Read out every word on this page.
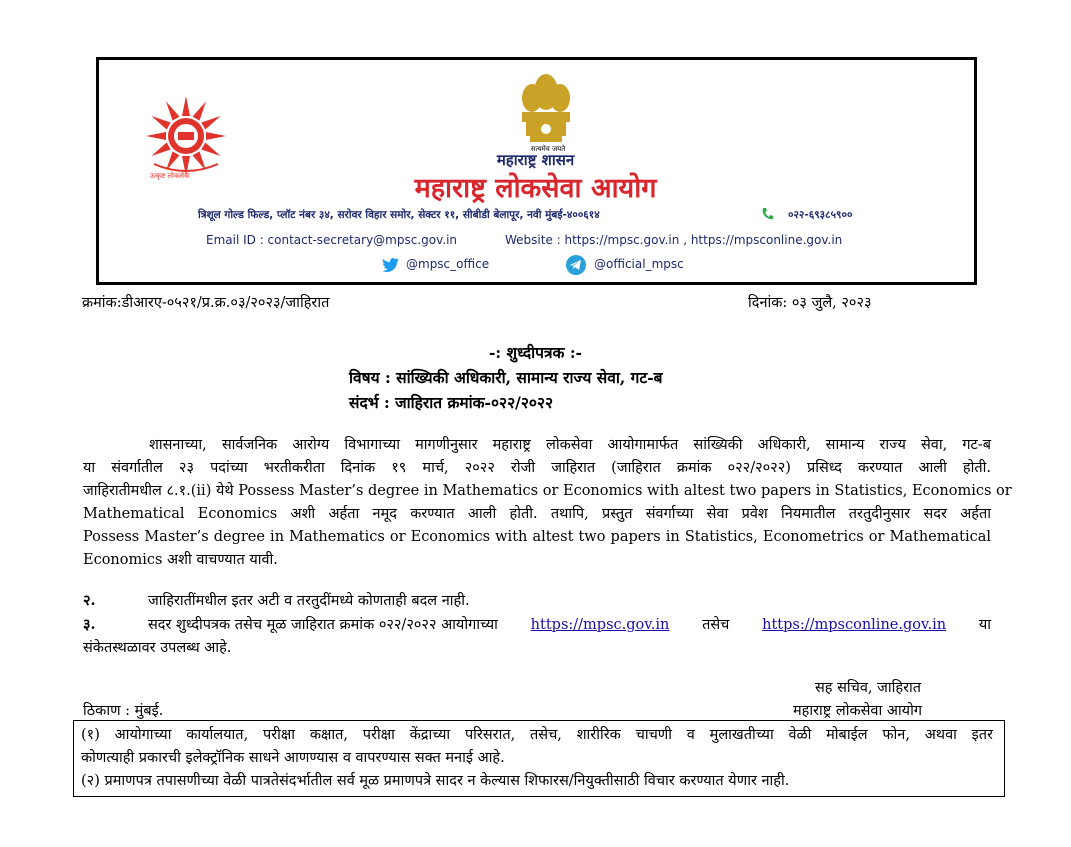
उत्कृष्ट लोकसेवा
सत्यमेव जयते
महाराष्ट्र शासन
महाराष्ट्र लोकसेवा आयोग
त्रिशूल गोल्ड फिल्ड, प्लॉट नंबर ३४, सरोवर विहार समोर, सेक्टर ११, सीबीडी बेलापूर, नवी मुंबई-४००६१४	०२२-६९३८५९००
Email ID : contact-secretary@mpsc.gov.in	Website : https://mpsc.gov.in , https://mpsconline.gov.in
@mpsc_office	@official_mpsc
क्रमांक:डीआरए-०५२१/प्र.क्र.०३/२०२३/जाहिरात	दिनांक: ०३ जुलै, २०२३
-: शुध्दीपत्रक :-
विषय : सांख्यिकी अधिकारी, सामान्य राज्य सेवा, गट-ब
संदर्भ : जाहिरात क्रमांक-०२२/२०२२
शासनाच्या, सार्वजनिक आरोग्य विभागाच्या मागणीनुसार महाराष्ट्र लोकसेवा आयोगामार्फत सांख्यिकी अधिकारी, सामान्य राज्य सेवा, गट-ब
या संवर्गातील २३ पदांच्या भरतीकरीता दिनांक १९ मार्च, २०२२ रोजी जाहिरात (जाहिरात क्रमांक ०२२/२०२२) प्रसिध्द करण्यात आली होती.
जाहिरातीमधील ८.१.(ii) येथे Possess Master’s degree in Mathematics or Economics with altest two papers in Statistics, Economics or
Mathematical Economics अशी अर्हता नमूद करण्यात आली होती. तथापि, प्रस्तुत संवर्गाच्या सेवा प्रवेश नियमातील तरतुदीनुसार सदर अर्हता
Possess Master’s degree in Mathematics or Economics with altest two papers in Statistics, Econometrics or Mathematical
Economics अशी वाचण्यात यावी.
२.	जाहिरातींमधील इतर अटी व तरतुदींमध्ये कोणताही बदल नाही.
३.	सदर शुध्दीपत्रक तसेच मूळ जाहिरात क्रमांक ०२२/२०२२ आयोगाच्या https://mpsc.gov.in तसेच https://mpsconline.gov.in या
संकेतस्थळावर उपलब्ध आहे.
सह सचिव, जाहिरात
ठिकाण : मुंबई.	महाराष्ट्र लोकसेवा आयोग
(१) आयोगाच्या कार्यालयात, परीक्षा कक्षात, परीक्षा केंद्राच्या परिसरात, तसेच, शारीरिक चाचणी व मुलाखतीच्या वेळी मोबाईल फोन, अथवा इतर
कोणत्याही प्रकारची इलेक्ट्रॉनिक साधने आणण्यास व वापरण्यास सक्त मनाई आहे.
(२) प्रमाणपत्र तपासणीच्या वेळी पात्रतेसंदर्भातील सर्व मूळ प्रमाणपत्रे सादर न केल्यास शिफारस/नियुक्तीसाठी विचार करण्यात येणार नाही.
